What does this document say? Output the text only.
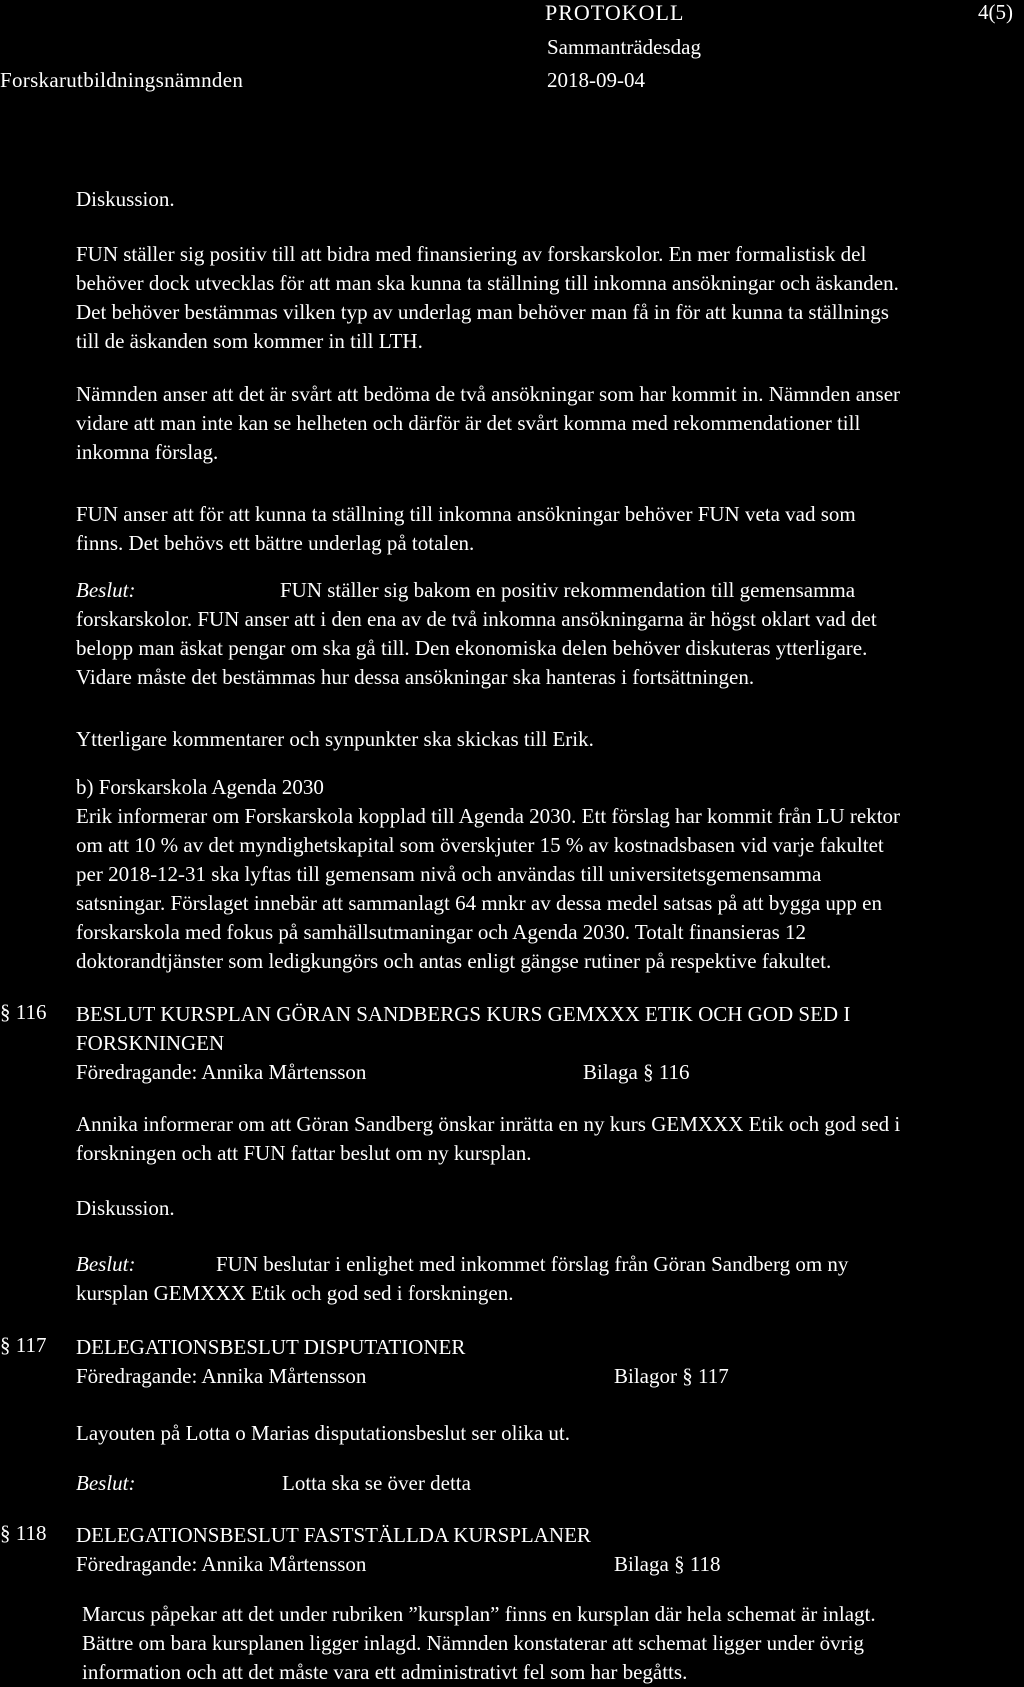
PROTOKOLL
Sammanträdesdag
2018-09-04
Forskarutbildningsnämnden
4(5)
Diskussion.
FUN ställer sig positiv till att bidra med finansiering av forskarskolor. En mer formalistisk del
behöver dock utvecklas för att man ska kunna ta ställning till inkomna ansökningar och äskanden.
Det behöver bestämmas vilken typ av underlag man behöver man få in för att kunna ta ställnings
till de äskanden som kommer in till LTH.
Nämnden anser att det är svårt att bedöma de två ansökningar som har kommit in. Nämnden anser
vidare att man inte kan se helheten och därför är det svårt komma med rekommendationer till
inkomna förslag.
FUN anser att för att kunna ta ställning till inkomna ansökningar behöver FUN veta vad som
finns. Det behövs ett bättre underlag på totalen.
Beslut:	FUN ställer sig bakom en positiv rekommendation till gemensamma
forskarskolor. FUN anser att i den ena av de två inkomna ansökningarna är högst oklart vad det
belopp man äskat pengar om ska gå till. Den ekonomiska delen behöver diskuteras ytterligare.
Vidare måste det bestämmas hur dessa ansökningar ska hanteras i fortsättningen.
Ytterligare kommentarer och synpunkter ska skickas till Erik.
b) Forskarskola Agenda 2030
Erik informerar om Forskarskola kopplad till Agenda 2030. Ett förslag har kommit från LU rektor
om att 10 % av det myndighetskapital som överskjuter 15 % av kostnadsbasen vid varje fakultet
per 2018-12-31 ska lyftas till gemensam nivå och användas till universitetsgemensamma
satsningar. Förslaget innebär att sammanlagt 64 mnkr av dessa medel satsas på att bygga upp en
forskarskola med fokus på samhällsutmaningar och Agenda 2030. Totalt finansieras 12
doktorandtjänster som ledigkungörs och antas enligt gängse rutiner på respektive fakultet.
§ 116 BESLUT KURSPLAN GÖRAN SANDBERGS KURS GEMXXX ETIK OCH GOD SED I
FORSKNINGEN
Föredragande: Annika Mårtensson	Bilaga § 116
Annika informerar om att Göran Sandberg önskar inrätta en ny kurs GEMXXX Etik och god sed i
forskningen och att FUN fattar beslut om ny kursplan.
Diskussion.
Beslut:	FUN beslutar i enlighet med inkommet förslag från Göran Sandberg om ny
kursplan GEMXXX Etik och god sed i forskningen.
§ 117 DELEGATIONSBESLUT DISPUTATIONER
Föredragande: Annika Mårtensson	Bilagor § 117
Layouten på Lotta o Marias disputationsbeslut ser olika ut.
Beslut:	Lotta ska se över detta
§ 118 DELEGATIONSBESLUT FASTSTÄLLDA KURSPLANER
Föredragande: Annika Mårtensson	Bilaga § 118
Marcus påpekar att det under rubriken ”kursplan” finns en kursplan där hela schemat är inlagt.
Bättre om bara kursplanen ligger inlagd. Nämnden konstaterar att schemat ligger under övrig
information och att det måste vara ett administrativt fel som har begåtts.
